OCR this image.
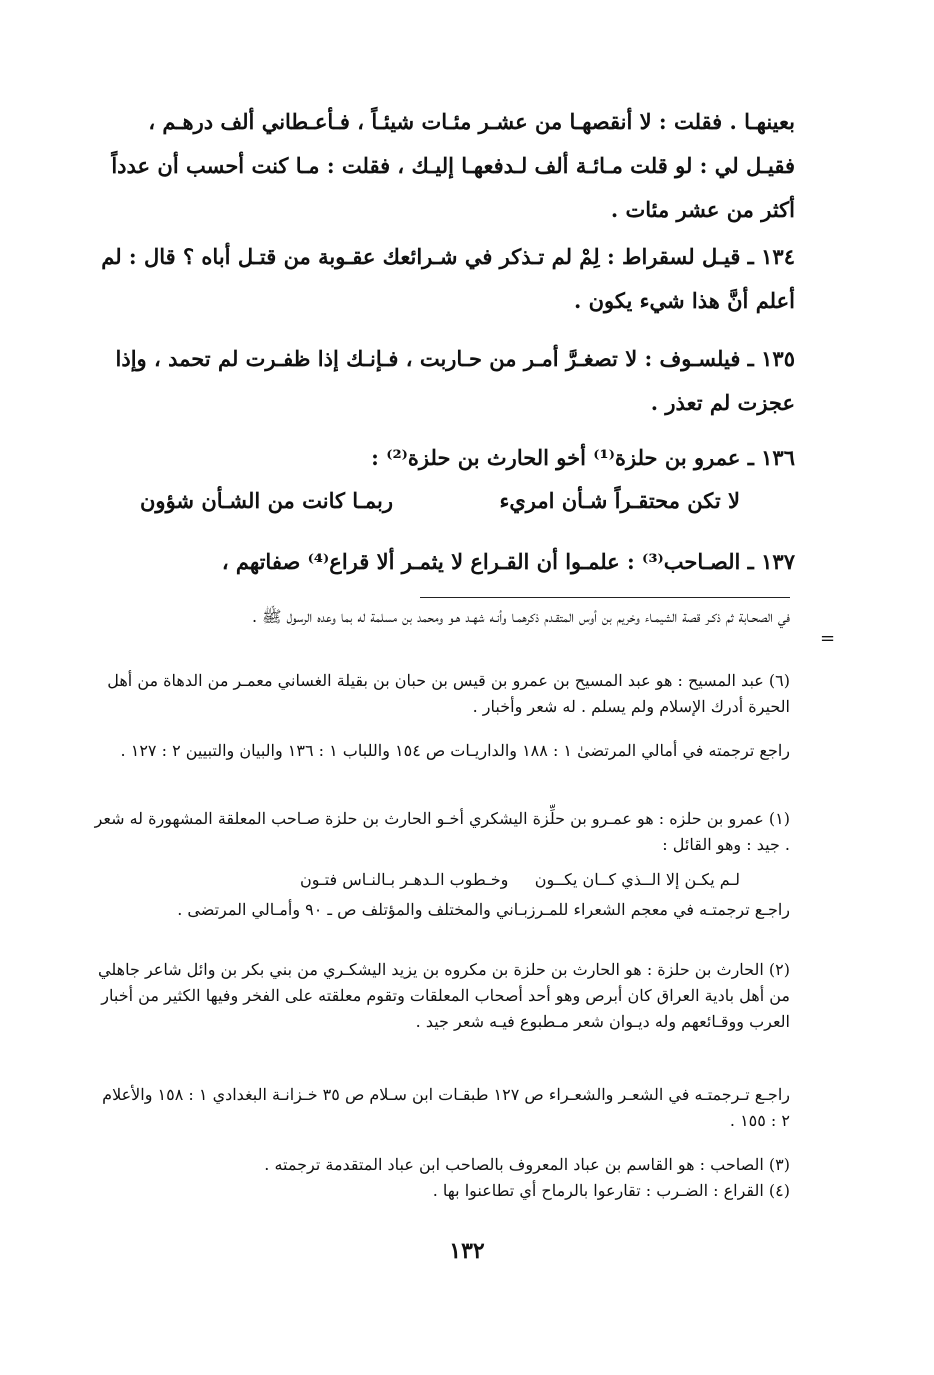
بعينهـا . فقلت : لا أنقصهـا من عشـر مئـات شيئـاً ، فـأعـطاني ألف درهـم ، فقيـل لي : لو قلت مـائـة ألف لـدفعهـا إليـك ، فقلت : مـا كنت أحسب أن عدداً أكثر من عشر مئات .

١٣٤ ـ قيـل لسقراط : لِمْ لم تـذكر في شـرائعك عقـوبة من قتـل أباه ؟ قال : لم أعلم أنَّ هذا شيء يكون .

١٣٥ ـ فيلسـوف : لا تصغـرَّ أمـر من حـاربت ، فـإنـك إذا ظفـرت لم تحمد ، وإذا عجزت لم تعذر .

١٣٦ ـ عمرو بن حلزة⁽¹⁾ أخو الحارث بن حلزة⁽²⁾ :

لا تكن محتقـراً شـأن امريء
ربمـا كانت من الشـأن شؤون

١٣٧ ـ الصـاحب⁽³⁾ : علمـوا أن القـراع لا يثمـر ألا قراع⁽⁴⁾ صفاتهم ،

=

في الصحـابة ثم ذكـر قصة الشيمـاء وخريم بن أوس المتقـدم ذكرهمـا وأنـه شهـد هـو ومحمد بن مسلمة له بما وعده الرسول ﷺ .

(٦) عبد المسيح : هو عبد المسيح بن عمرو بن قيس بن حبان بن بقيلة الغساني معمـر من الدهاة من أهل الحيرة أدرك الإسلام ولم يسلم . له شعر وأخبار .

راجع ترجمته في أمالي المرتضىٰ ١ : ١٨٨ والداريـات ص ١٥٤ واللباب ١ : ١٣٦ والبيان والتبيين ٢ : ١٢٧ .

(١) عمرو بن حلزه : هو عمـرو بن حلِّزة اليشكري أخـو الحارث بن حلزة صـاحب المعلقة المشهورة له شعر . جيد : وهو القائل :

لـم يكـن إلا الــذي كــان يكــون
وخـطوب الـدهـر بـالنـاس فتـون

راجـع ترجمتـه في معجم الشعراء للمـرزبـاني والمختلف والمؤتلف ص ـ ٩٠ وأمـالي المرتضى .

(٢) الحارث بن حلزة : هو الحارث بن حلزة بن مكروه بن يزيد اليشكـري من بني بكر بن وائل شاعر جاهلي من أهل بادية العراق كان أبرص وهو أحد أصحاب المعلقات وتقوم معلقته على الفخر وفيها الكثير من أخبار العرب ووقـائعهم وله ديـوان شعر مـطبوع فيـه شعر جيد .

راجـع تـرجمتـه في الشعـر والشعـراء ص ١٢٧ طبقـات ابن سـلام ص ٣٥ خـزانـة البغدادي ١ : ١٥٨ والأعلام ٢ : ١٥٥ .

(٣) الصاحب : هو القاسم بن عباد المعروف بالصاحب ابن عباد المتقدمة ترجمته .

(٤) القراع : الضـرب : تقارعوا بالرماح أي تطاعنوا بها .

١٣٢
